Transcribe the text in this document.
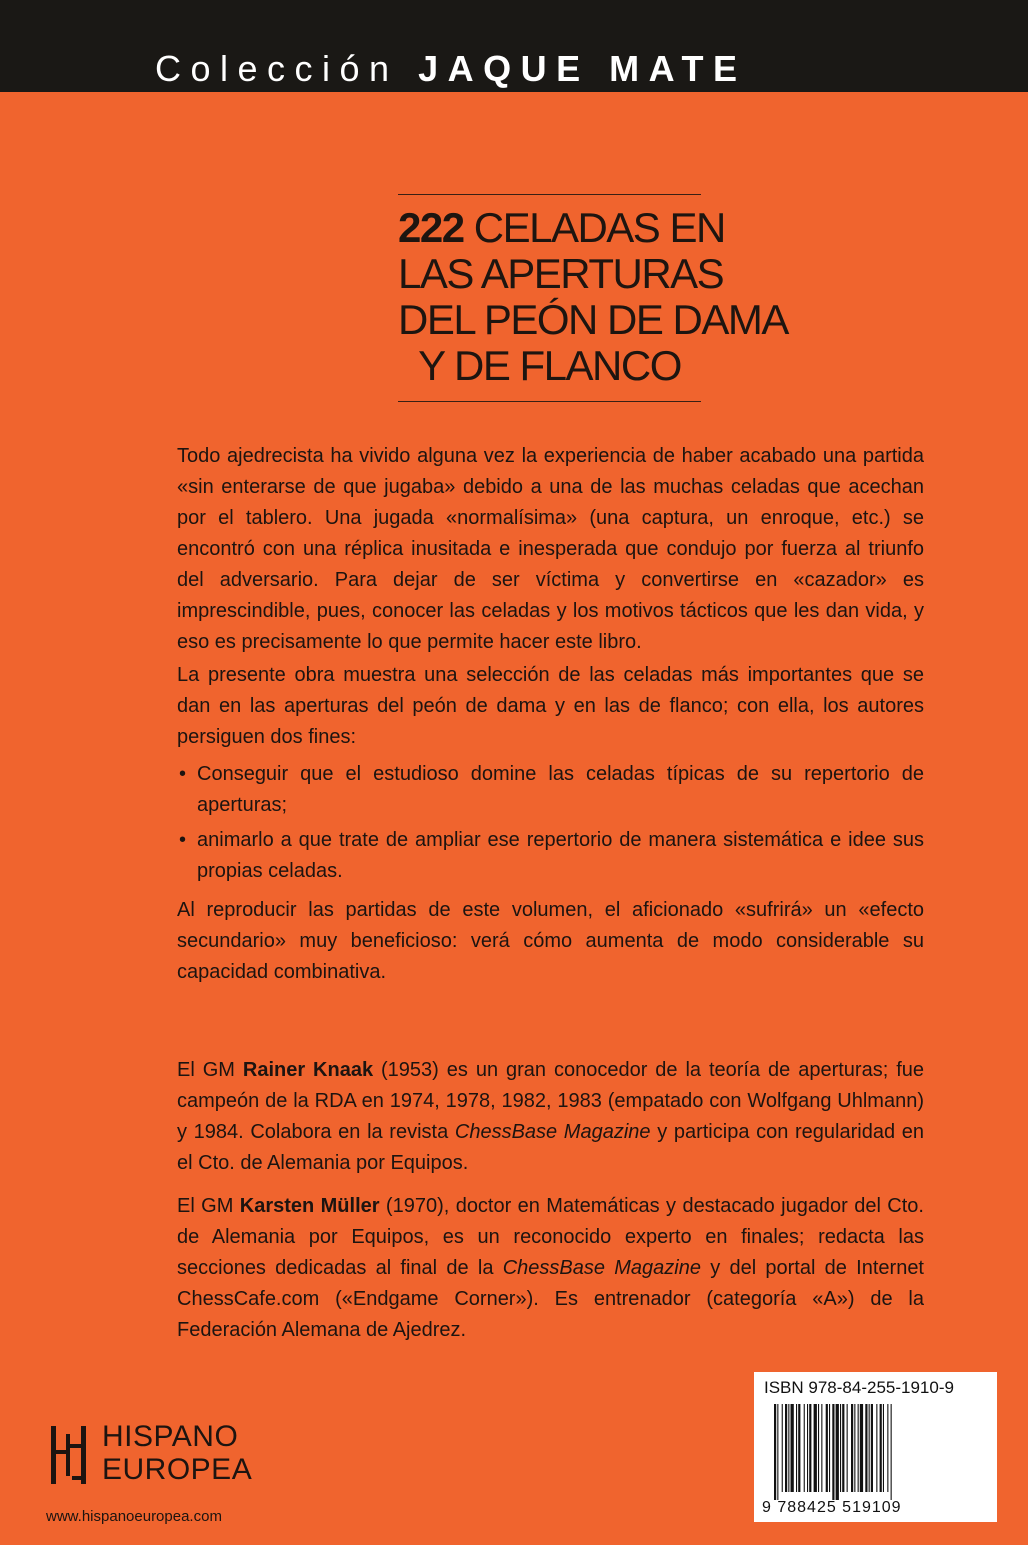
Colección JAQUE MATE
222 CELADAS EN
LAS APERTURAS
DEL PEÓN DE DAMA
Y DE FLANCO

Todo ajedrecista ha vivido alguna vez la experiencia de haber acabado una partida «sin enterarse de que jugaba» debido a una de las muchas celadas que acechan por el tablero. Una jugada «normalísima» (una captura, un enroque, etc.) se encontró con una réplica inusitada e inesperada que condujo por fuerza al triunfo del adversario. Para dejar de ser víctima y convertirse en «cazador» es imprescindible, pues, conocer las celadas y los motivos tácticos que les dan vida, y eso es precisamente lo que permite hacer este libro.

La presente obra muestra una selección de las celadas más importantes que se dan en las aperturas del peón de dama y en las de flanco; con ella, los autores persiguen dos fines:

• Conseguir que el estudioso domine las celadas típicas de su repertorio de aperturas;
• animarlo a que trate de ampliar ese repertorio de manera sistemática e idee sus propias celadas.

Al reproducir las partidas de este volumen, el aficionado «sufrirá» un «efecto secundario» muy beneficioso: verá cómo aumenta de modo considerable su capacidad combinativa.

El GM Rainer Knaak (1953) es un gran conocedor de la teoría de aperturas; fue campeón de la RDA en 1974, 1978, 1982, 1983 (empatado con Wolfgang Uhlmann) y 1984. Colabora en la revista ChessBase Magazine y participa con regularidad en el Cto. de Alemania por Equipos.

El GM Karsten Müller (1970), doctor en Matemáticas y destacado jugador del Cto. de Alemania por Equipos, es un reconocido experto en finales; redacta las secciones dedicadas al final de la ChessBase Magazine y del portal de Internet ChessCafe.com («Endgame Corner»). Es entrenador (categoría «A») de la Federación Alemana de Ajedrez.

HISPANO
EUROPEA
www.hispanoeuropea.com
ISBN 978-84-255-1910-9
9 788425 519109
